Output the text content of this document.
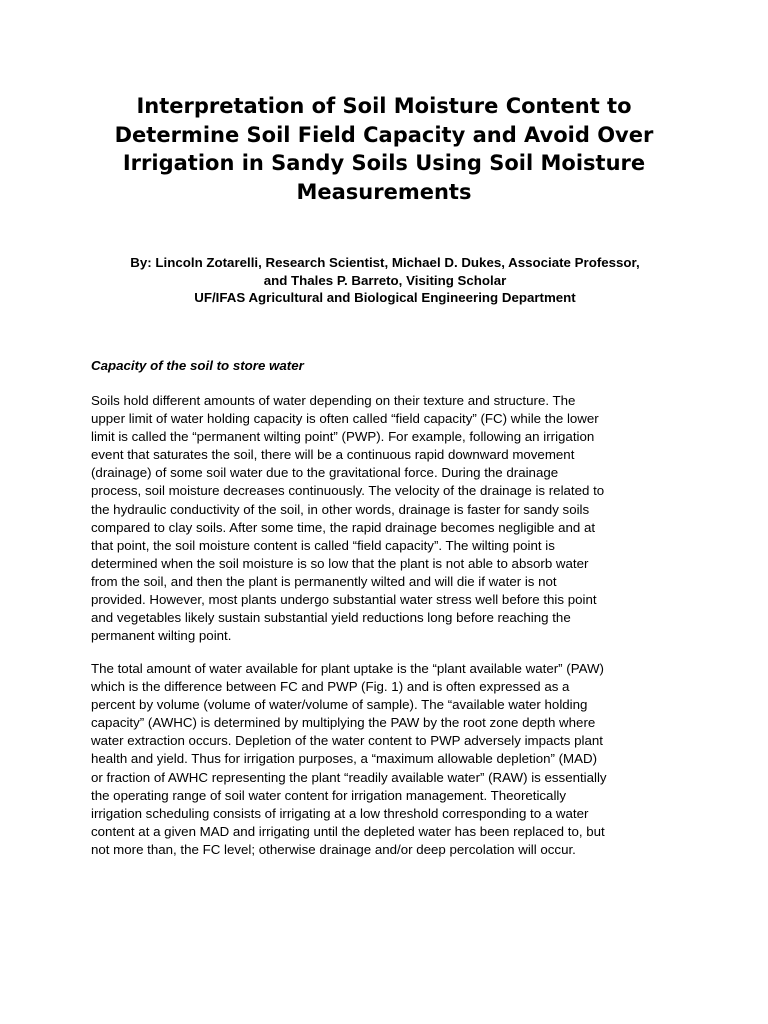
Interpretation of Soil Moisture Content to
Determine Soil Field Capacity and Avoid Over
Irrigation in Sandy Soils Using Soil Moisture
Measurements
By: Lincoln Zotarelli, Research Scientist, Michael D. Dukes, Associate Professor,
and Thales P. Barreto, Visiting Scholar
UF/IFAS Agricultural and Biological Engineering Department
Capacity of the soil to store water

Soils hold different amounts of water depending on their texture and structure. The
upper limit of water holding capacity is often called “field capacity” (FC) while the lower
limit is called the “permanent wilting point” (PWP). For example, following an irrigation
event that saturates the soil, there will be a continuous rapid downward movement
(drainage) of some soil water due to the gravitational force. During the drainage
process, soil moisture decreases continuously. The velocity of the drainage is related to
the hydraulic conductivity of the soil, in other words, drainage is faster for sandy soils
compared to clay soils. After some time, the rapid drainage becomes negligible and at
that point, the soil moisture content is called “field capacity”. The wilting point is
determined when the soil moisture is so low that the plant is not able to absorb water
from the soil, and then the plant is permanently wilted and will die if water is not
provided. However, most plants undergo substantial water stress well before this point
and vegetables likely sustain substantial yield reductions long before reaching the
permanent wilting point.

The total amount of water available for plant uptake is the “plant available water” (PAW)
which is the difference between FC and PWP (Fig. 1) and is often expressed as a
percent by volume (volume of water/volume of sample). The “available water holding
capacity” (AWHC) is determined by multiplying the PAW by the root zone depth where
water extraction occurs. Depletion of the water content to PWP adversely impacts plant
health and yield. Thus for irrigation purposes, a “maximum allowable depletion” (MAD)
or fraction of AWHC representing the plant “readily available water” (RAW) is essentially
the operating range of soil water content for irrigation management. Theoretically
irrigation scheduling consists of irrigating at a low threshold corresponding to a water
content at a given MAD and irrigating until the depleted water has been replaced to, but
not more than, the FC level; otherwise drainage and/or deep percolation will occur.
